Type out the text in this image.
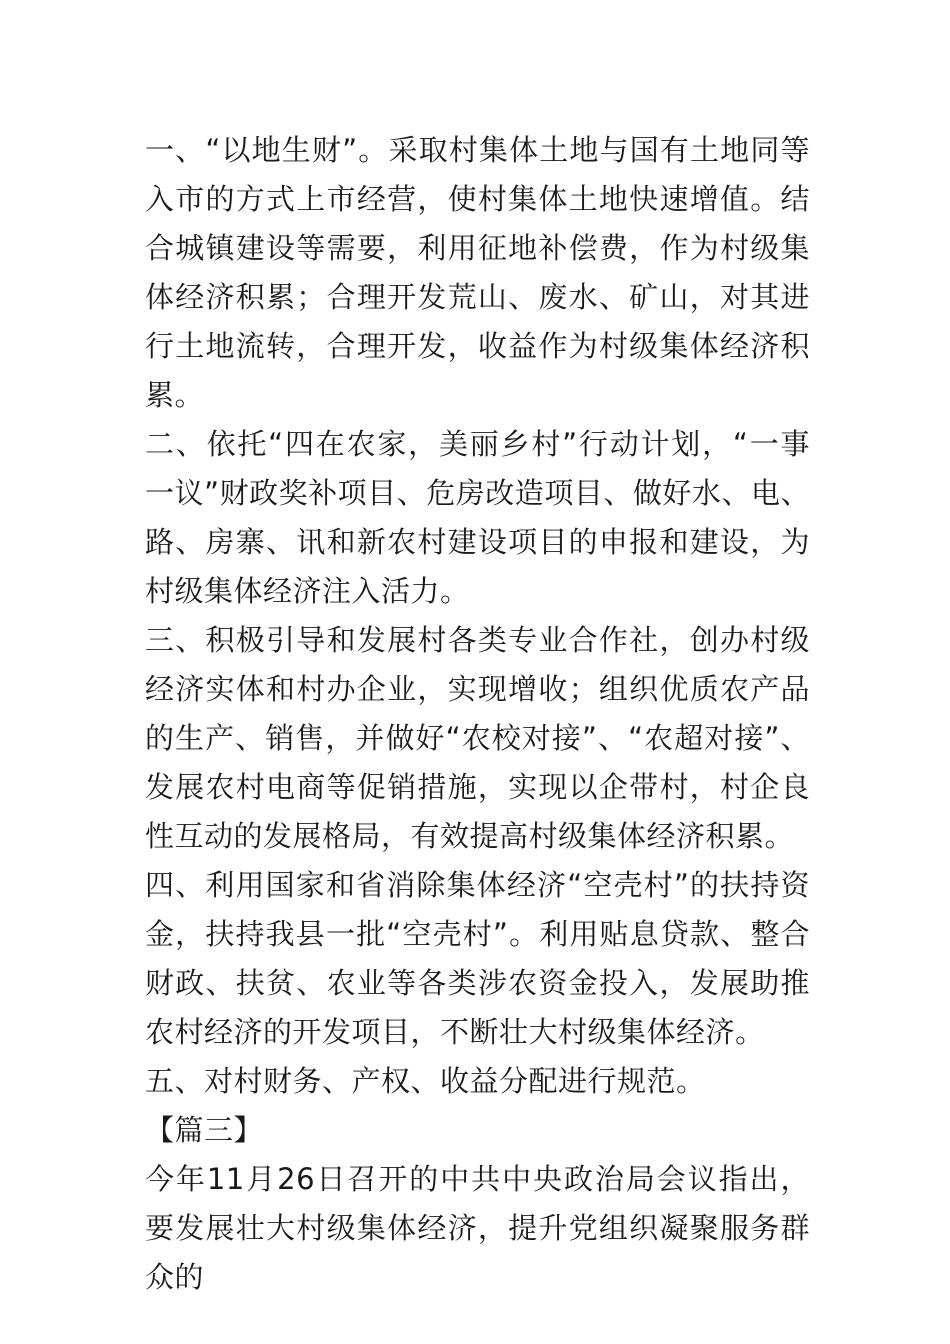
一、“以地生财”。采取村集体土地与国有土地同等入市的方式上市经营，使村集体土地快速增值。结合城镇建设等需要，利用征地补偿费，作为村级集体经济积累；合理开发荒山、废水、矿山，对其进行土地流转，合理开发，收益作为村级集体经济积累。

二、依托“四在农家，美丽乡村”行动计划，“一事一议”财政奖补项目、危房改造项目、做好水、电、路、房寨、讯和新农村建设项目的申报和建设，为村级集体经济注入活力。

三、积极引导和发展村各类专业合作社，创办村级经济实体和村办企业，实现增收；组织优质农产品的生产、销售，并做好“农校对接”、“农超对接”、发展农村电商等促销措施，实现以企带村，村企良性互动的发展格局，有效提高村级集体经济积累。

四、利用国家和省消除集体经济“空壳村”的扶持资金，扶持我县一批“空壳村”。利用贴息贷款、整合财政、扶贫、农业等各类涉农资金投入，发展助推农村经济的开发项目，不断壮大村级集体经济。

五、对村财务、产权、收益分配进行规范。

【篇三】

今年11月26日召开的中共中央政治局会议指出，要发展壮大村级集体经济，提升党组织凝聚服务群众的
